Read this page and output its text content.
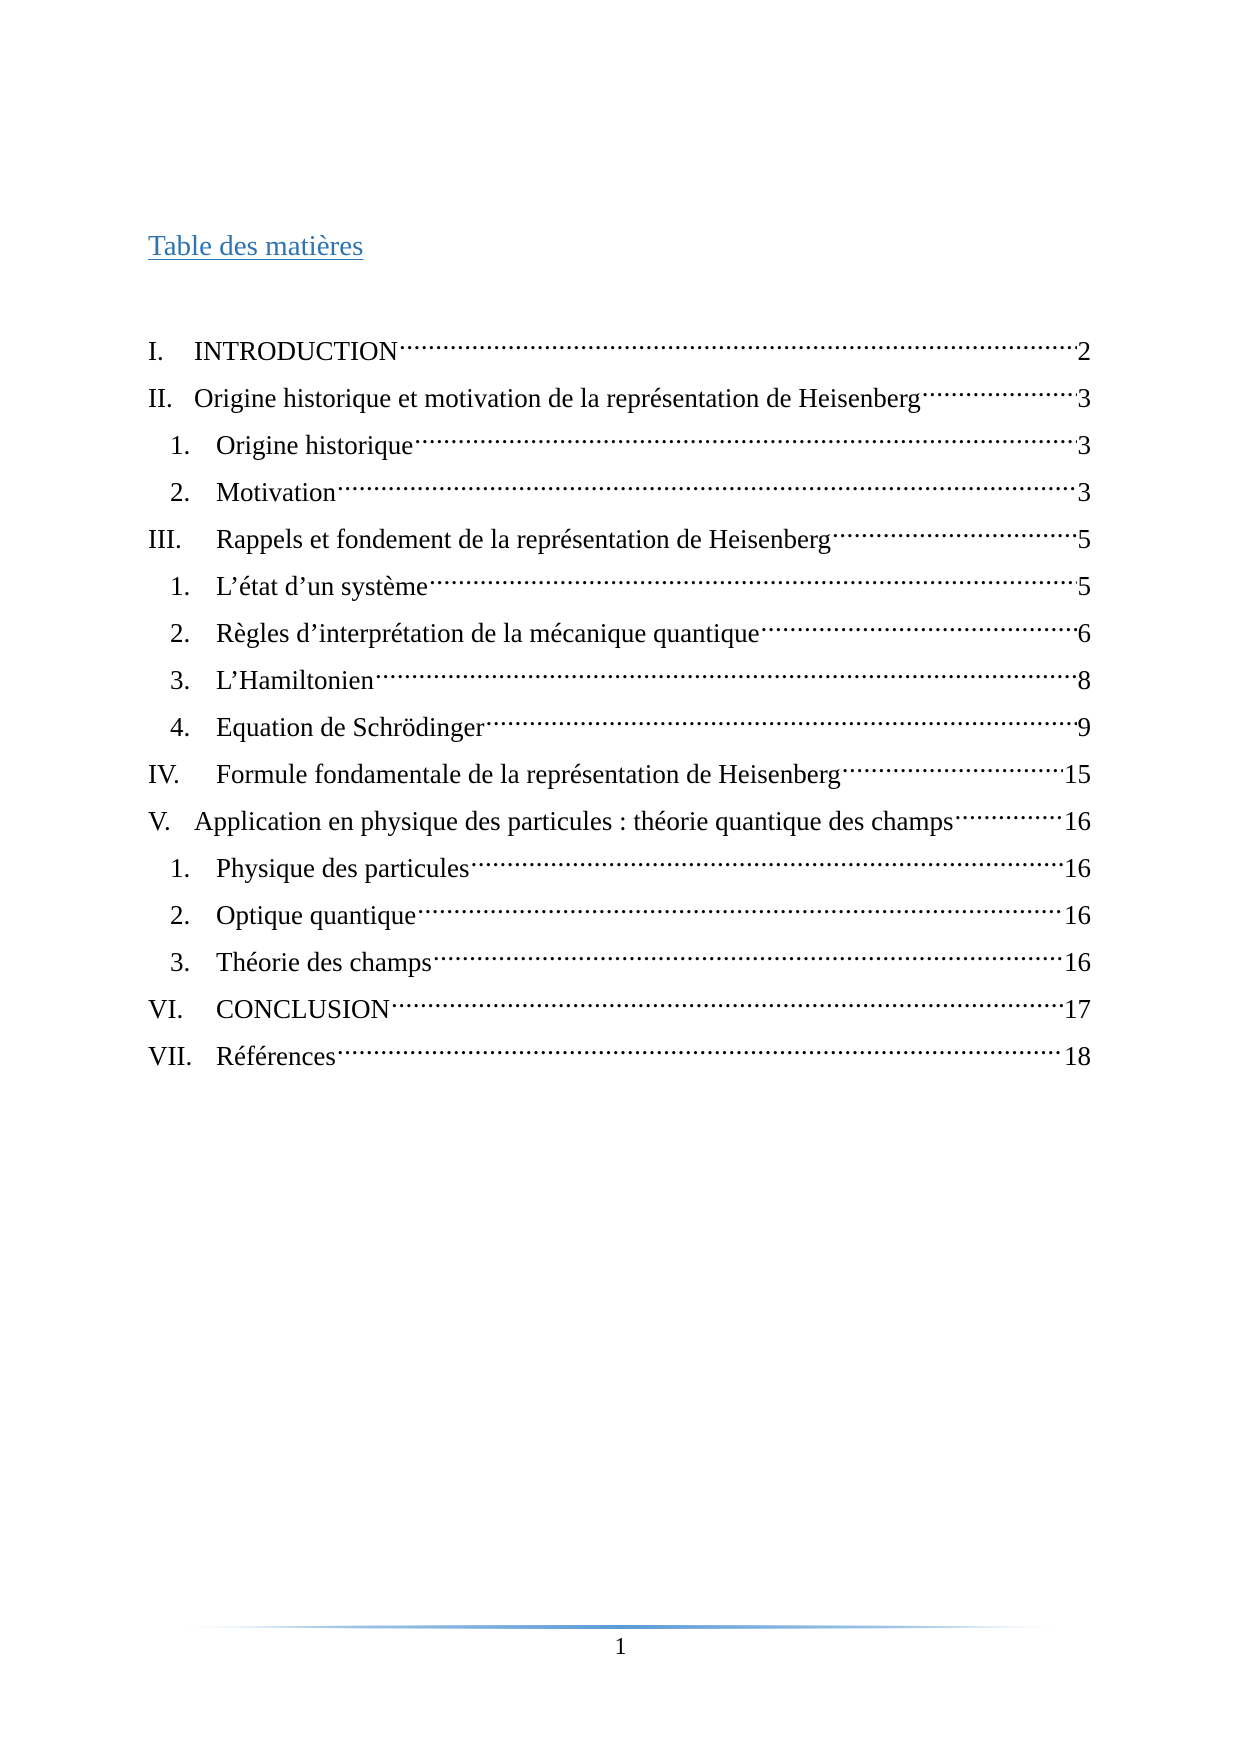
Table des matières
I.	INTRODUCTION .....	2
II. Origine historique et motivation de la représentation de Heisenberg .....	3
1. Origine historique .....	3
2. Motivation .....	3
III.	Rappels et fondement de la représentation de Heisenberg .....	5
1. L’état d’un système .....	5
2. Règles d’interprétation de la mécanique quantique .....	6
3. L’Hamiltonien .....	8
4. Equation de Schrödinger .....	9
IV.	Formule fondamentale de la représentation de Heisenberg .....	15
V. Application en physique des particules : théorie quantique des champs .....	16
1. Physique des particules .....	16
2. Optique quantique .....	16
3. Théorie des champs .....	16
VI.	CONCLUSION .....	17
VII. Références .....	18
1
